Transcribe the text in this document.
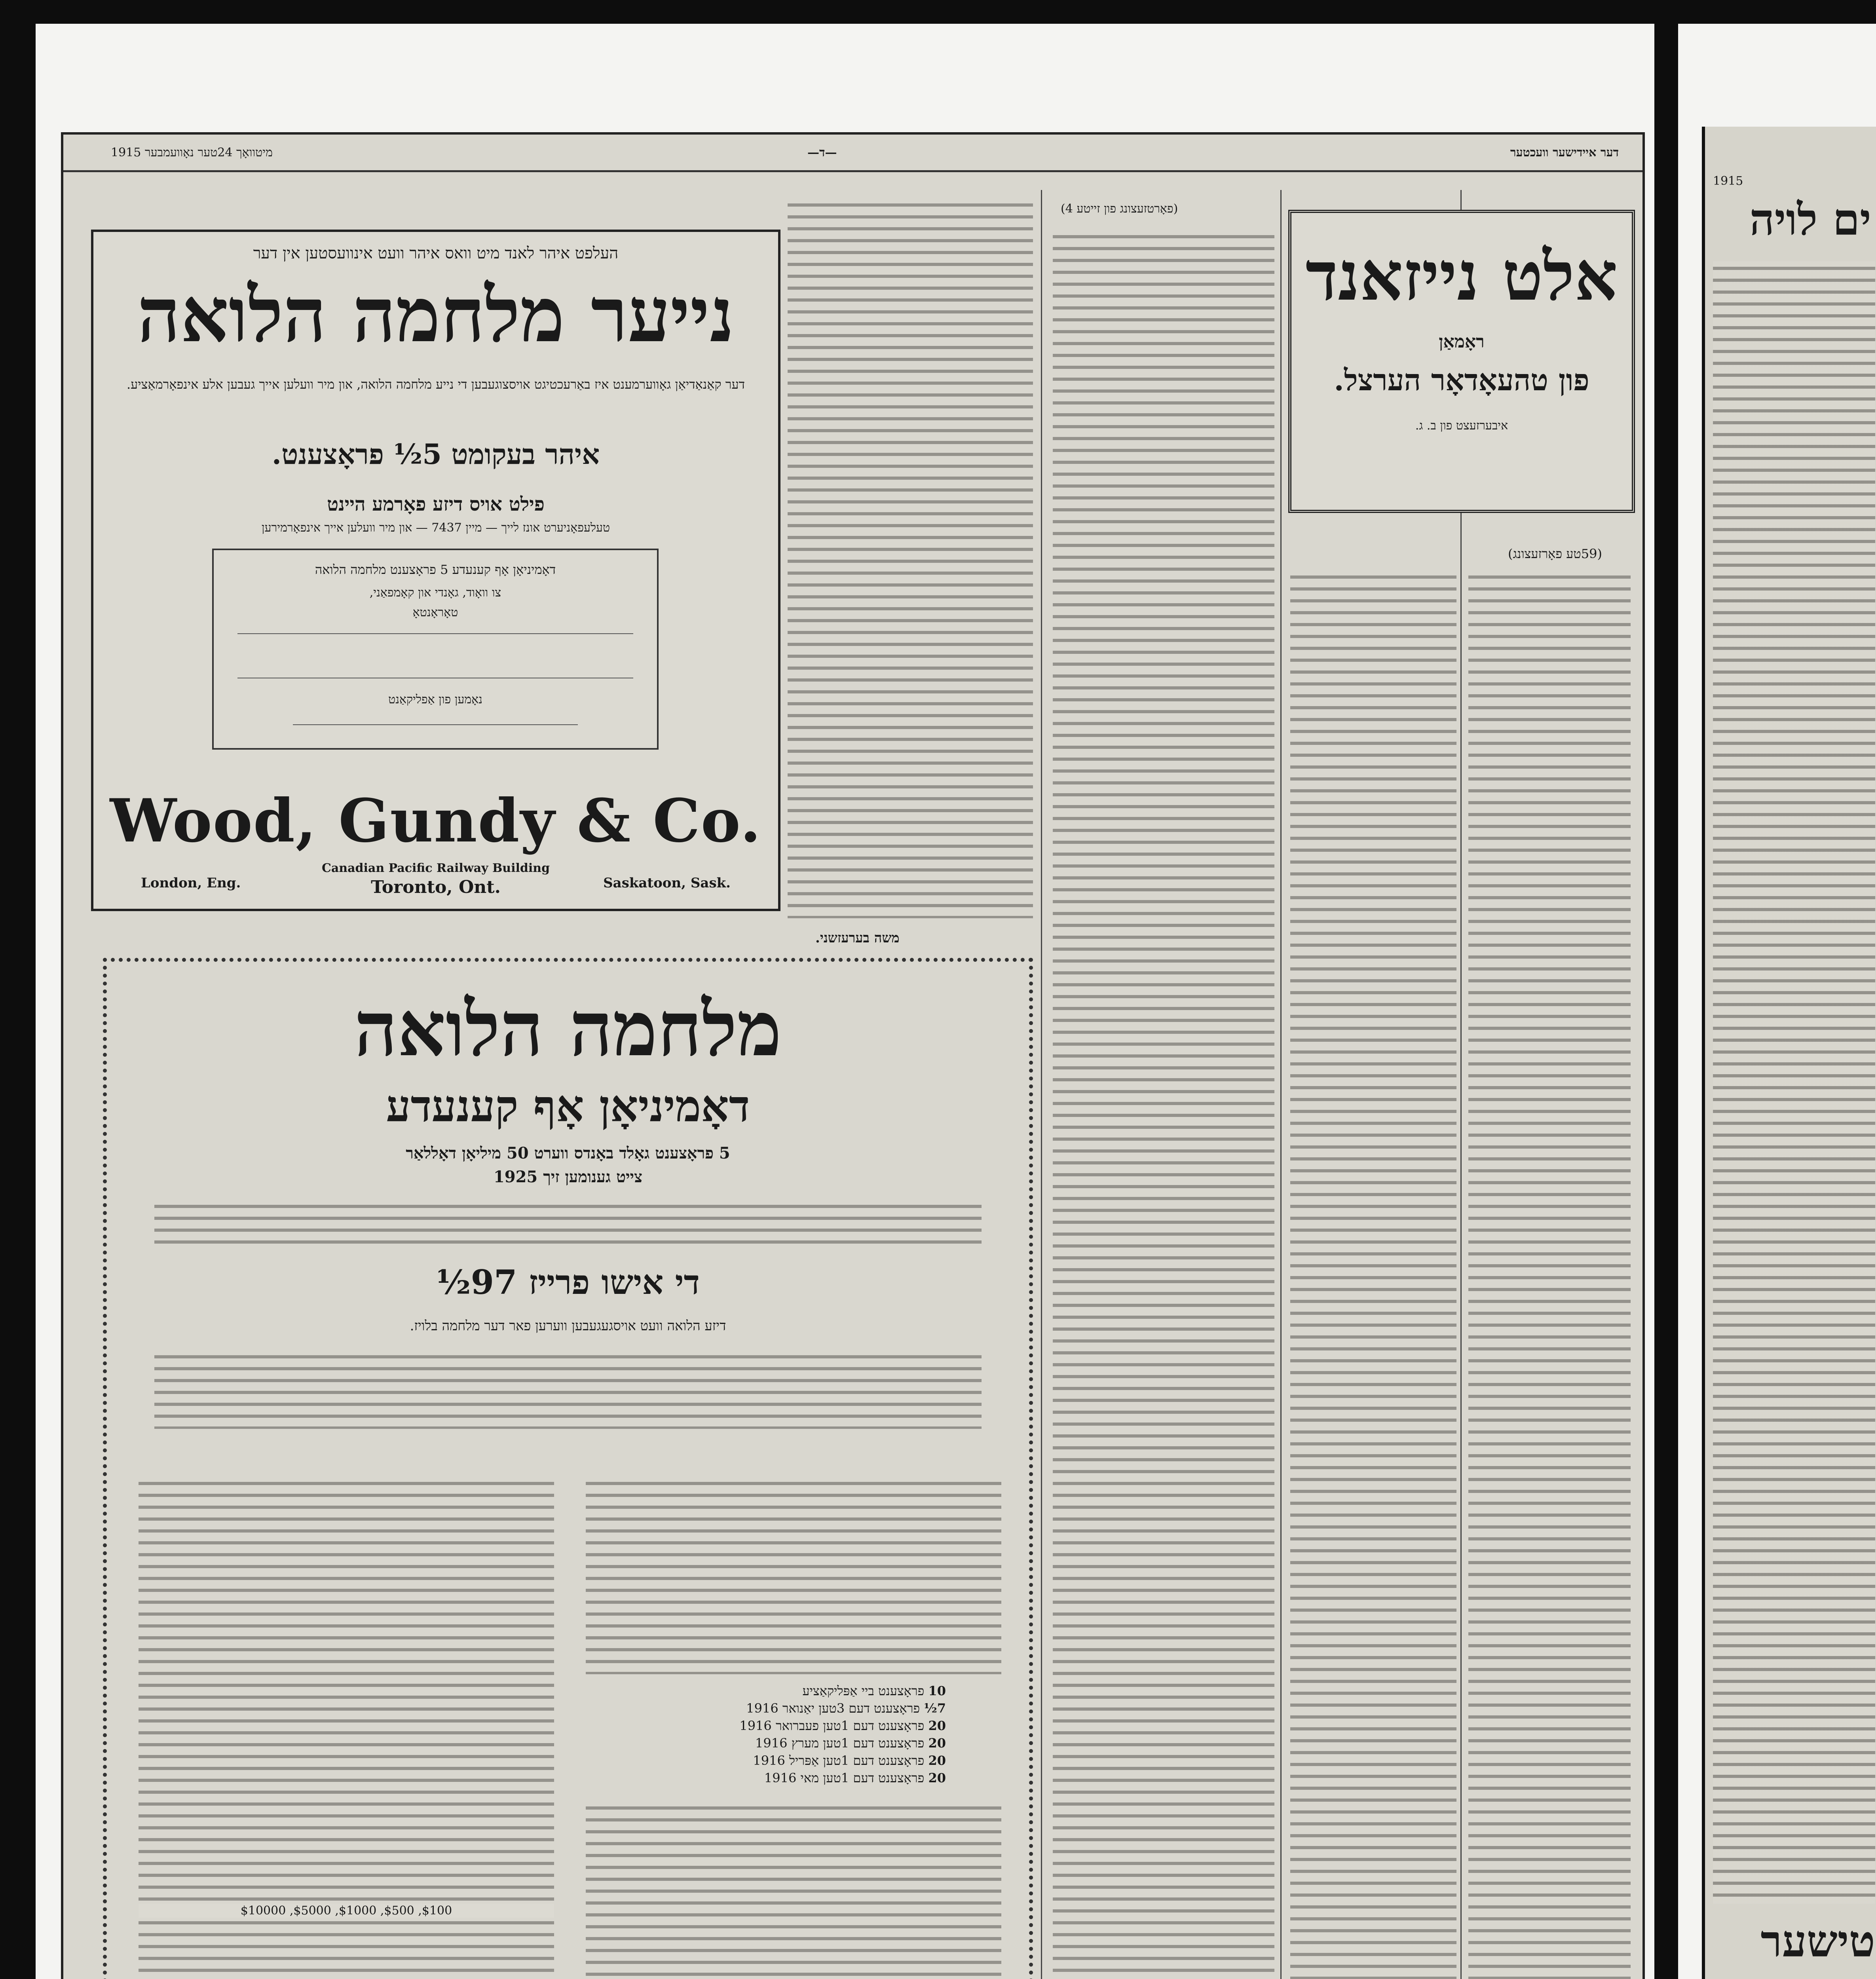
מיטוואָך 24טער נאָוועמבער 1915	—ד—	דער איידישער וועכטער
העלפט איהר לאנד מיט וואס איהר וועט אינוועסטען אין דער
נייער מלחמה הלואה
דער קאַנאַדיאַן גאָווערמענט איז באַרעכטיגט אויסצוגעבען די נייע מלחמה הלואה, און מיר וועלען אייך געבען אלע אינפאָרמאַציע.
איהר בעקומט 5½ פראָצענט.
פילט אויס דיזע פאָרמע היינט
טעלעפאָניערט אונז לייך — מיין 7437 — און מיר וועלען אייך אינפאָרמירען
דאָמיניאָן אָף קענעדע 5 פראָצענט מלחמה הלואה
צו וואָוד, גאָנדי און קאָמפאַני,
טאָראָנטאָ
נאָמען פון אַפליקאַנט
Wood, Gundy & Co.
Canadian Pacific Railway Building
London, Eng.	Toronto, Ont.	Saskatoon, Sask.
מלחמה הלואה
דאָמיניאָן אָף קענעדע
5 פראָצענט גאָלד באָנדס ווערט 50 מיליאָן דאָללאַר
צייט גענומען זיך 1925
די אישו פרייז 97½
דיזע הלואה וועט אויסגעגעבען ווערען פאר דער מלחמה בלויז.
10 פראָצענט ביי אַפּליקאַציע
7½ פראָצענט דעם 3טען יאַנואר 1916
20 פראָצענט דעם 1טען פעברואר 1916
20 פראָצענט דעם 1טען מערץ 1916
20 פראָצענט דעם 1טען אַפּריל 1916
20 פראָצענט דעם 1טען מאי 1916
$100, $500, $1000, $5000, $10000
משה בערעזשני.
(פאָרטזעצונג פון זייטע 4)
אלט נייזאנד
ראָמאַן
פון טהעאָדאָר הערצל.
איבערזעצט פון ב. ג.
(59טע פאָרזעצונג)
1915
ים לויה
טישער
